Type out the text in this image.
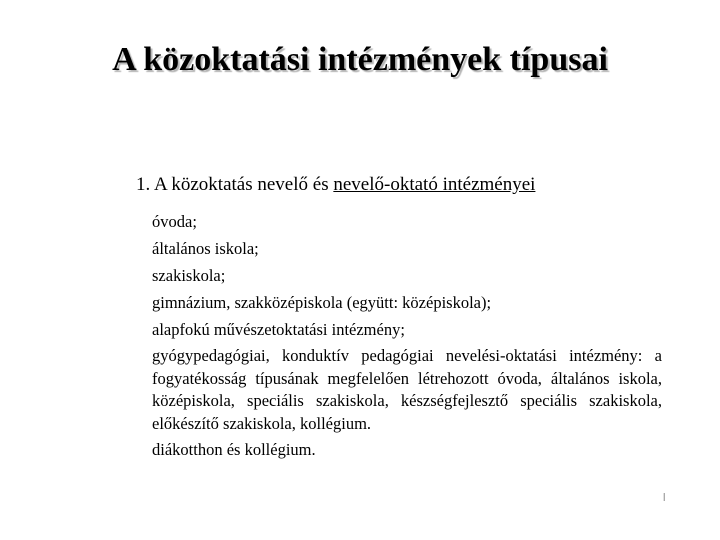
A közoktatási intézmények típusai
1. A közoktatás nevelő és nevelő-oktató intézményei
óvoda;
általános iskola;
szakiskola;
gimnázium, szakközépiskola (együtt: középiskola);
alapfokú művészetoktatási intézmény;
gyógypedagógiai, konduktív pedagógiai nevelési-oktatási intézmény: a fogyatékosság típusának megfelelően létrehozott óvoda, általános iskola, középiskola, speciális szakiskola, készségfejlesztő speciális szakiskola, előkészítő szakiskola, kollégium.
diákotthon és kollégium.
l
